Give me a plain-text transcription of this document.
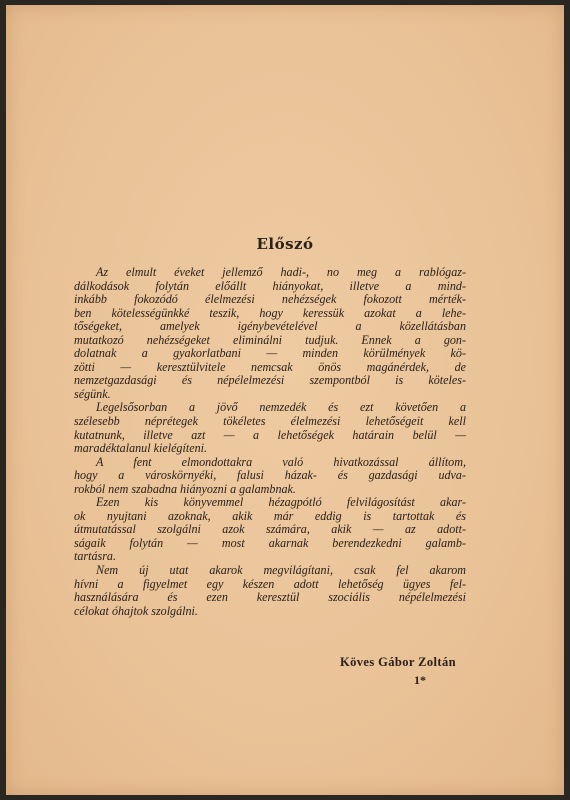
Előszó
Az elmult éveket jellemző hadi-, no meg a rablógaz-
dálkodások folytán előállt hiányokat, illetve a mind-
inkább fokozódó élelmezési nehézségek fokozott mérték-
ben kötelességünkké teszik, hogy keressük azokat a lehe-
tőségeket, amelyek igénybevételével a közellátásban
mutatkozó nehézségeket eliminálni tudjuk. Ennek a gon-
dolatnak a gyakorlatbani — minden körülmények kö-
zötti — keresztülvitele nemcsak önös magánérdek, de
nemzetgazdasági és népélelmezési szempontból is köteles-
ségünk.
Legelsősorban a jövő nemzedék és ezt követően a
szélesebb néprétegek tökéletes élelmezési lehetőségeit kell
kutatnunk, illetve azt — a lehetőségek határain belül —
maradéktalanul kielégíteni.
A fent elmondottakra való hivatkozással állítom,
hogy a városkörnyéki, falusi házak- és gazdasági udva-
rokból nem szabadna hiányozni a galambnak.
Ezen kis könyvemmel hézagpótló felvilágosítást akar-
ok nyujtani azoknak, akik már eddig is tartottak és
útmutatással szolgálni azok számára, akik — az adott-
ságaik folytán — most akarnak berendezkedni galamb-
tartásra.
Nem új utat akarok megvilágítani, csak fel akarom
hívni a figyelmet egy készen adott lehetőség ügyes fel-
használására és ezen keresztül szociális népélelmezési
célokat óhajtok szolgálni.
Köves Gábor Zoltán
1*
